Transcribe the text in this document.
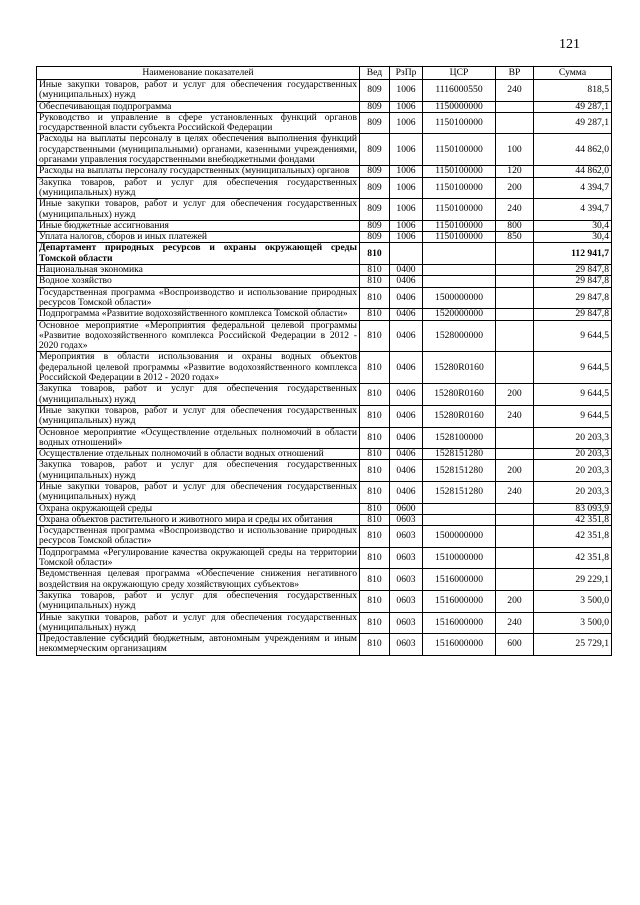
121
Наименование показателей	Вед	РзПр	ЦСР	ВР	Сумма
Иные закупки товаров, работ и услуг для обеспечения государственных (муниципальных) нужд	809	1006	1116000550	240	818,5
Обеспечивающая подпрограмма	809	1006	1150000000		49 287,1
Руководство и управление в сфере установленных функций органов государственной власти субъекта Российской Федерации	809	1006	1150100000		49 287,1
Расходы на выплаты персоналу в целях обеспечения выполнения функций государственными (муниципальными) органами, казенными учреждениями, органами управления государственными внебюджетными фондами	809	1006	1150100000	100	44 862,0
Расходы на выплаты персоналу государственных (муниципальных) органов	809	1006	1150100000	120	44 862,0
Закупка товаров, работ и услуг для обеспечения государственных (муниципальных) нужд	809	1006	1150100000	200	4 394,7
Иные закупки товаров, работ и услуг для обеспечения государственных (муниципальных) нужд	809	1006	1150100000	240	4 394,7
Иные бюджетные ассигнования	809	1006	1150100000	800	30,4
Уплата налогов, сборов и иных платежей	809	1006	1150100000	850	30,4
Департамент природных ресурсов и охраны окружающей среды Томской области	810				112 941,7
Национальная экономика	810	0400			29 847,8
Водное хозяйство	810	0406			29 847,8
Государственная программа «Воспроизводство и использование природных ресурсов Томской области»	810	0406	1500000000		29 847,8
Подпрограмма «Развитие водохозяйственного комплекса Томской области»	810	0406	1520000000		29 847,8
Основное мероприятие «Мероприятия федеральной целевой программы «Развитие водохозяйственного комплекса Российской Федерации в 2012 - 2020 годах»	810	0406	1528000000		9 644,5
Мероприятия в области использования и охраны водных объектов федеральной целевой программы «Развитие водохозяйственного комплекса Российской Федерации в 2012 - 2020 годах»	810	0406	15280R0160		9 644,5
Закупка товаров, работ и услуг для обеспечения государственных (муниципальных) нужд	810	0406	15280R0160	200	9 644,5
Иные закупки товаров, работ и услуг для обеспечения государственных (муниципальных) нужд	810	0406	15280R0160	240	9 644,5
Основное мероприятие «Осуществление отдельных полномочий в области водных отношений»	810	0406	1528100000		20 203,3
Осуществление отдельных полномочий в области водных отношений	810	0406	1528151280		20 203,3
Закупка товаров, работ и услуг для обеспечения государственных (муниципальных) нужд	810	0406	1528151280	200	20 203,3
Иные закупки товаров, работ и услуг для обеспечения государственных (муниципальных) нужд	810	0406	1528151280	240	20 203,3
Охрана окружающей среды	810	0600			83 093,9
Охрана объектов растительного и животного мира и среды их обитания	810	0603			42 351,8
Государственная программа «Воспроизводство и использование природных ресурсов Томской области»	810	0603	1500000000		42 351,8
Подпрограмма «Регулирование качества окружающей среды на территории Томской области»	810	0603	1510000000		42 351,8
Ведомственная целевая программа «Обеспечение снижения негативного воздействия на окружающую среду хозяйствующих субъектов»	810	0603	1516000000		29 229,1
Закупка товаров, работ и услуг для обеспечения государственных (муниципальных) нужд	810	0603	1516000000	200	3 500,0
Иные закупки товаров, работ и услуг для обеспечения государственных (муниципальных) нужд	810	0603	1516000000	240	3 500,0
Предоставление субсидий бюджетным, автономным учреждениям и иным некоммерческим организациям	810	0603	1516000000	600	25 729,1
